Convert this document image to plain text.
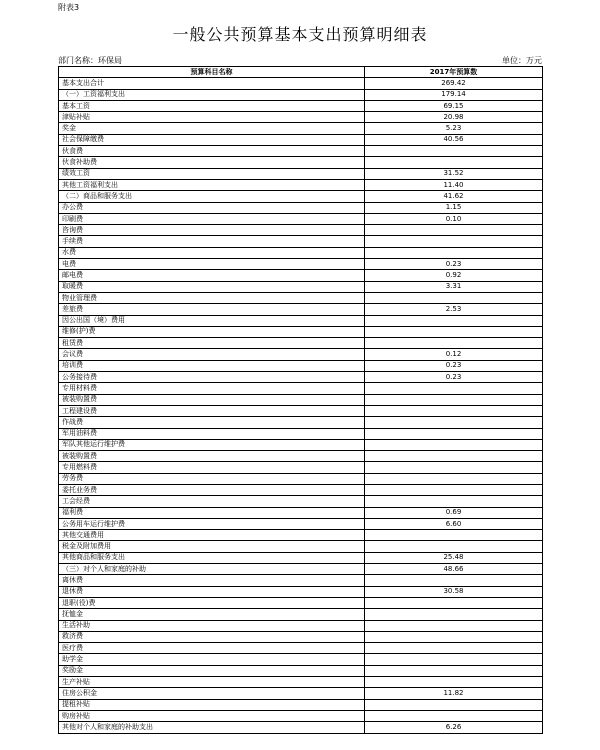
附表3
一般公共预算基本支出预算明细表
部门名称：环保局	单位：万元
预算科目名称	2017年预算数
基本支出合计	269.42
（一）工资福利支出	179.14
基本工资	69.15
津贴补贴	20.98
奖金	5.23
社会保障缴费	40.56
伙食费	
伙食补助费	
绩效工资	31.52
其他工资福利支出	11.40
（二）商品和服务支出	41.62
办公费	1.15
印刷费	0.10
咨询费	
手续费	
水费	
电费	0.23
邮电费	0.92
取暖费	3.31
物业管理费	
差旅费	2.53
因公出国（境）费用	
维修(护)费	
租赁费	
会议费	0.12
培训费	0.23
公务接待费	0.23
专用材料费	
被装购置费	
工程建设费	
作战费	
军用油料费	
军队其他运行维护费	
被装购置费	
专用燃料费	
劳务费	
委托业务费	
工会经费	
福利费	0.69
公务用车运行维护费	6.60
其他交通费用	
税金及附加费用	
其他商品和服务支出	25.48
（三）对个人和家庭的补助	48.66
离休费	
退休费	30.58
退职(役)费	
抚恤金	
生活补助	
救济费	
医疗费	
助学金	
奖励金	
生产补贴	
住房公积金	11.82
提租补贴	
购房补贴	
其他对个人和家庭的补助支出	6.26
